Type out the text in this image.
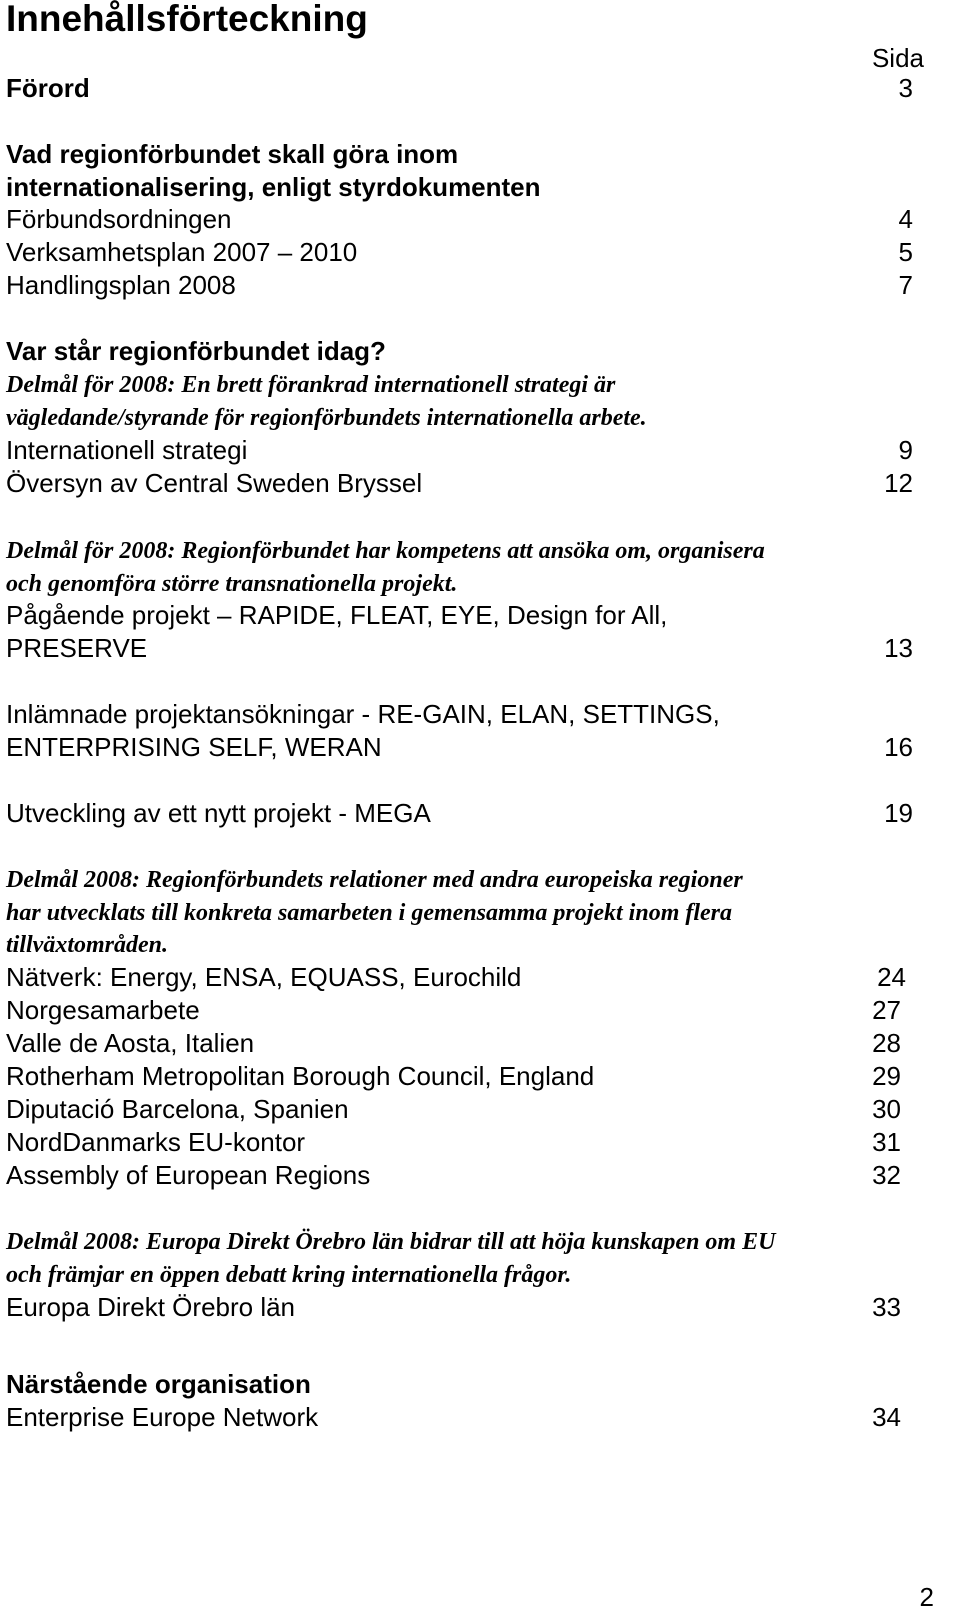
Innehållsförteckning
Sida
Förord	3
Vad regionförbundet skall göra inom
internationalisering, enligt styrdokumenten
Förbundsordningen	4
Verksamhetsplan 2007 – 2010	5
Handlingsplan 2008	7
Var står regionförbundet idag?
Delmål för 2008: En brett förankrad internationell strategi är
vägledande/styrande för regionförbundets internationella arbete.
Internationell strategi	9
Översyn av Central Sweden Bryssel	12
Delmål för 2008: Regionförbundet har kompetens att ansöka om, organisera
och genomföra större transnationella projekt.
Pågående projekt – RAPIDE, FLEAT, EYE, Design for All,
PRESERVE	13
Inlämnade projektansökningar - RE-GAIN, ELAN, SETTINGS,
ENTERPRISING SELF, WERAN	16
Utveckling av ett nytt projekt - MEGA	19
Delmål 2008: Regionförbundets relationer med andra europeiska regioner
har utvecklats till konkreta samarbeten i gemensamma projekt inom flera
tillväxtområden.
Nätverk: Energy, ENSA, EQUASS, Eurochild	24
Norgesamarbete	27
Valle de Aosta, Italien	28
Rotherham Metropolitan Borough Council, England	29
Diputació Barcelona, Spanien	30
NordDanmarks EU-kontor	31
Assembly of European Regions	32
Delmål 2008: Europa Direkt Örebro län bidrar till att höja kunskapen om EU
och främjar en öppen debatt kring internationella frågor.
Europa Direkt Örebro län	33
Närstående organisation
Enterprise Europe Network	34
2
